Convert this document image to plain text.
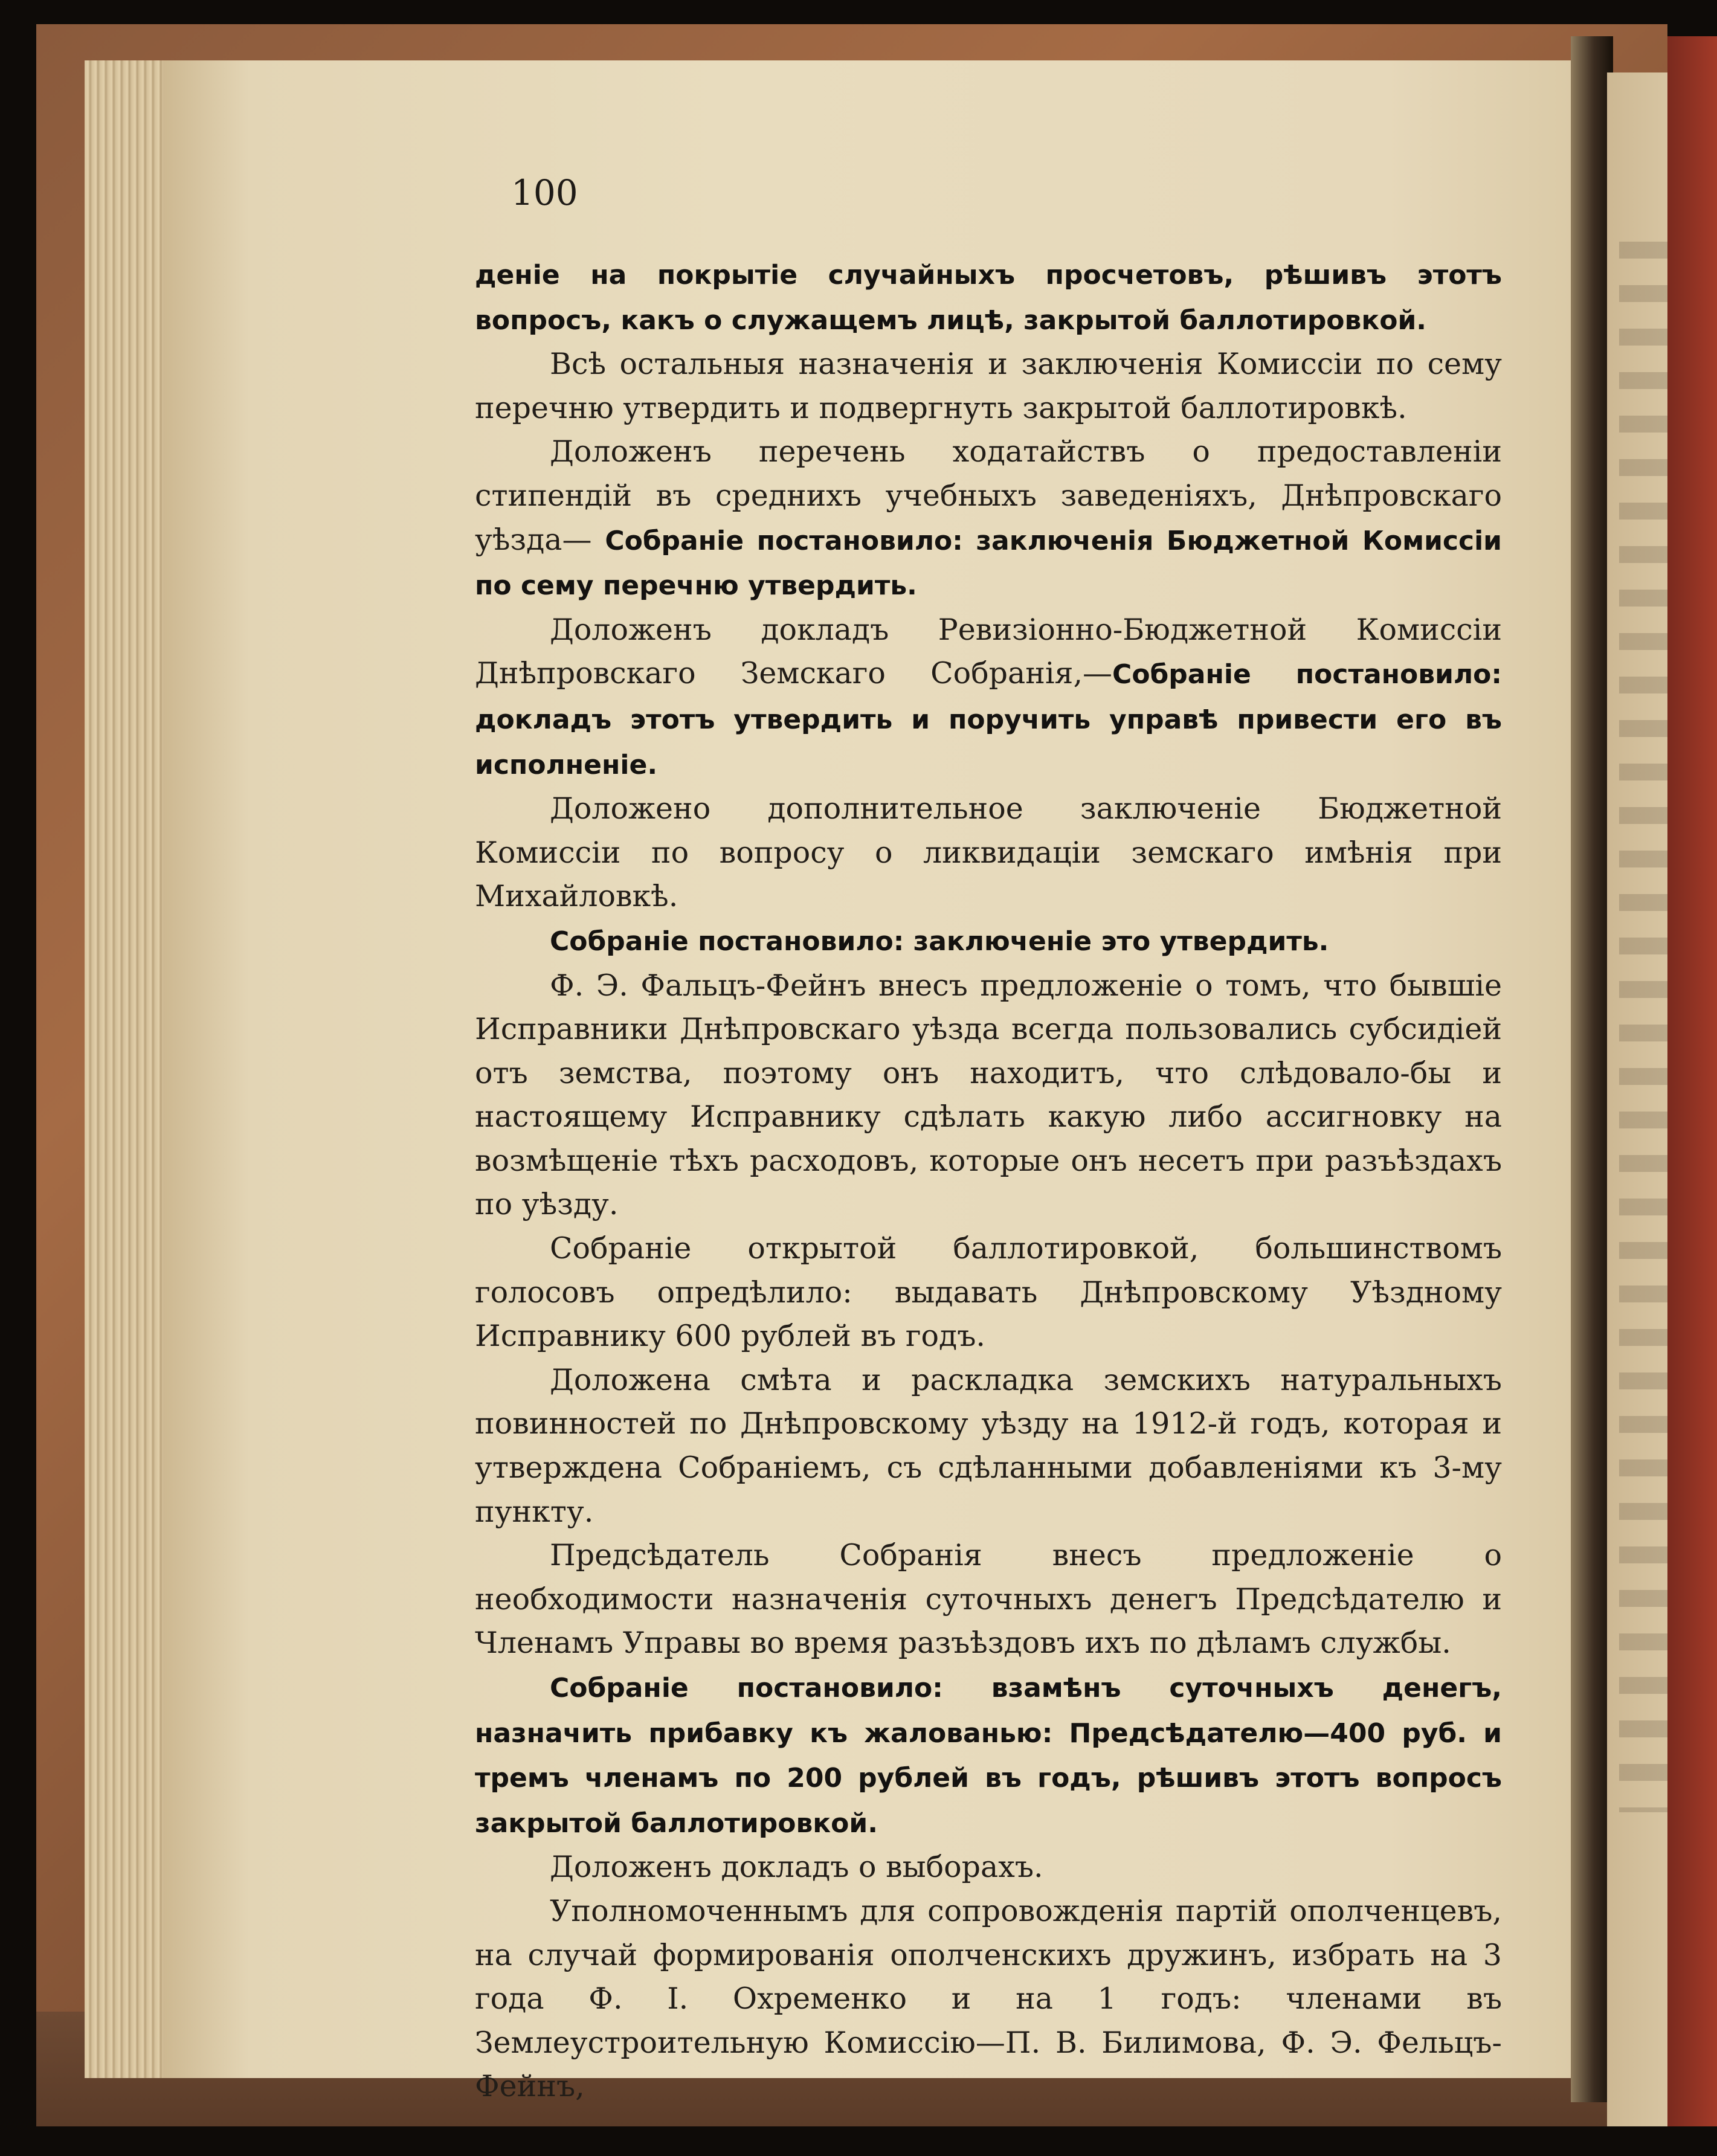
100

деніе на покрытіе случайныхъ просчетовъ, рѣшивъ этотъ вопросъ, какъ о служащемъ лицѣ, закрытой баллотировкой.

Всѣ остальныя назначенія и заключенія Комиссіи по сему перечню утвердить и подвергнуть закрытой баллотировкѣ.

Доложенъ перечень ходатайствъ о предоставленіи стипендій въ среднихъ учебныхъ заведеніяхъ, Днѣпровскаго уѣзда— Собраніе постановило: заключенія Бюджетной Комиссіи по сему перечню утвердить.

Доложенъ докладъ Ревизіонно-Бюджетной Комиссіи Днѣпровскаго Земскаго Собранія,—Собраніе постановило: докладъ этотъ утвердить и поручить управѣ привести его въ исполненіе.

Доложено дополнительное заключеніе Бюджетной Комиссіи по вопросу о ликвидаціи земскаго имѣнія при Михайловкѣ.

Собраніе постановило: заключеніе это утвердить.

Ф. Э. Фальцъ-Фейнъ внесъ предложеніе о томъ, что бывшіе Исправники Днѣпровскаго уѣзда всегда пользовались субсидіей отъ земства, поэтому онъ находитъ, что слѣдовало-бы и настоящему Исправнику сдѣлать какую либо ассигновку на возмѣщеніе тѣхъ расходовъ, которые онъ несетъ при разъѣздахъ по уѣзду.

Собраніе открытой баллотировкой, большинствомъ голосовъ опредѣлило: выдавать Днѣпровскому Уѣздному Исправнику 600 рублей въ годъ.

Доложена смѣта и раскладка земскихъ натуральныхъ повинностей по Днѣпровскому уѣзду на 1912-й годъ, которая и утверждена Собраніемъ, съ сдѣланными добавленіями къ 3-му пункту.

Предсѣдатель Собранія внесъ предложеніе о необходимости назначенія суточныхъ денегъ Предсѣдателю и Членамъ Управы во время разъѣздовъ ихъ по дѣламъ службы.

Собраніе постановило: взамѣнъ суточныхъ денегъ, назначить прибавку къ жалованью: Предсѣдателю—400 руб. и тремъ членамъ по 200 рублей въ годъ, рѣшивъ этотъ вопросъ закрытой баллотировкой.

Доложенъ докладъ о выборахъ.

Уполномоченнымъ для сопровожденія партій ополченцевъ, на случай формированія ополченскихъ дружинъ, избрать на 3 года Ф. І. Охременко и на 1 годъ: членами въ Землеустроительную Комиссію—П. В. Билимова, Ф. Э. Фельцъ-Фейнъ,
